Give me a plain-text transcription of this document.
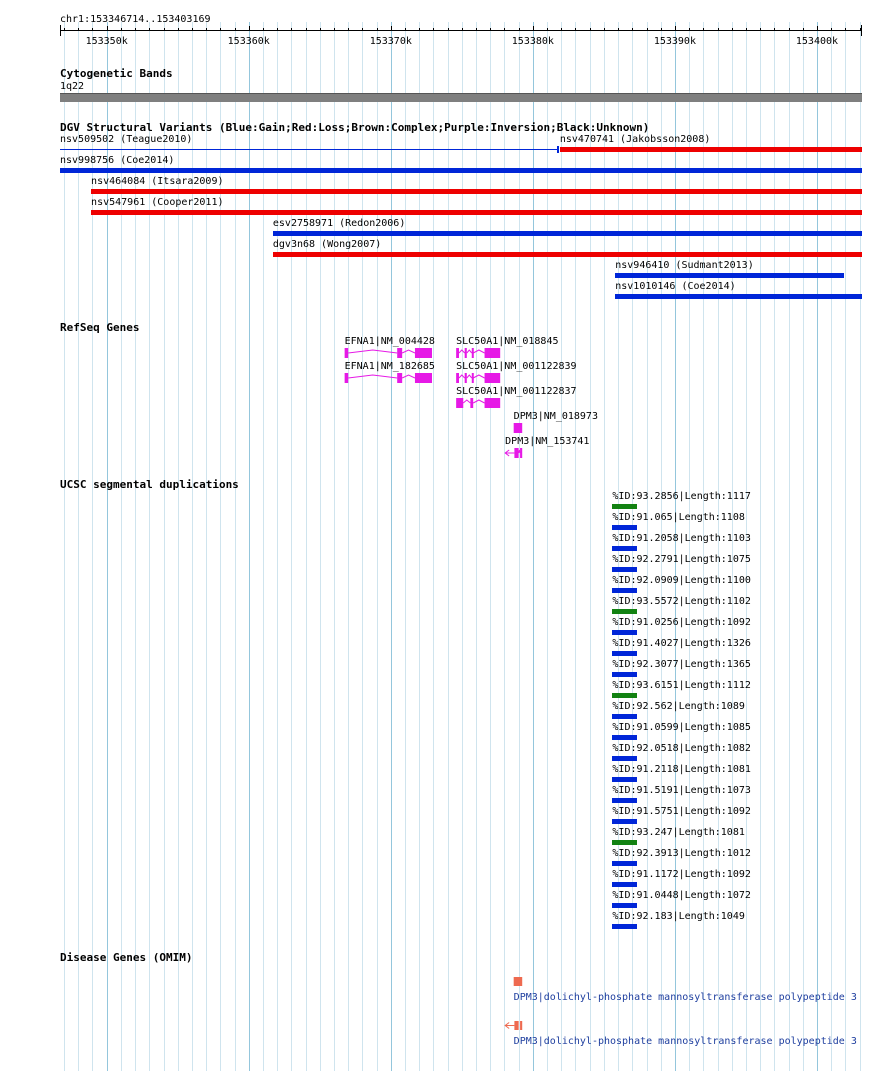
153350k	153360k	153370k	153380k	153390k	153400k
chr1:153346714..153403169
Cytogenetic Bands
1q22
DGV Structural Variants (Blue:Gain;Red:Loss;Brown:Complex;Purple:Inversion;Black:Unknown)
nsv509502 (Teague2010)	nsv470741 (Jakobsson2008)
nsv998756 (Coe2014)
nsv464084 (Itsara2009)
nsv547961 (Cooper2011)
esv2758971 (Redon2006)
dgv3n68 (Wong2007)
nsv946410 (Sudmant2013)
nsv1010146 (Coe2014)
RefSeq Genes
EFNA1|NM_004428 SLC50A1|NM_018845
EFNA1|NM_182685 SLC50A1|NM_001122839
SLC50A1|NM_001122837
DPM3|NM_018973
DPM3|NM_153741
UCSC segmental duplications
%ID:93.2856|Length:1117
%ID:91.065|Length:1108
%ID:91.2058|Length:1103
%ID:92.2791|Length:1075
%ID:92.0909|Length:1100
%ID:93.5572|Length:1102
%ID:91.0256|Length:1092
%ID:91.4027|Length:1326
%ID:92.3077|Length:1365
%ID:93.6151|Length:1112
%ID:92.562|Length:1089
%ID:91.0599|Length:1085
%ID:92.0518|Length:1082
%ID:91.2118|Length:1081
%ID:91.5191|Length:1073
%ID:91.5751|Length:1092
%ID:93.247|Length:1081
%ID:92.3913|Length:1012
%ID:91.1172|Length:1092
%ID:91.0448|Length:1072
%ID:92.183|Length:1049
Disease Genes (OMIM)
DPM3|dolichyl-phosphate mannosyltransferase polypeptide 3
DPM3|dolichyl-phosphate mannosyltransferase polypeptide 3
